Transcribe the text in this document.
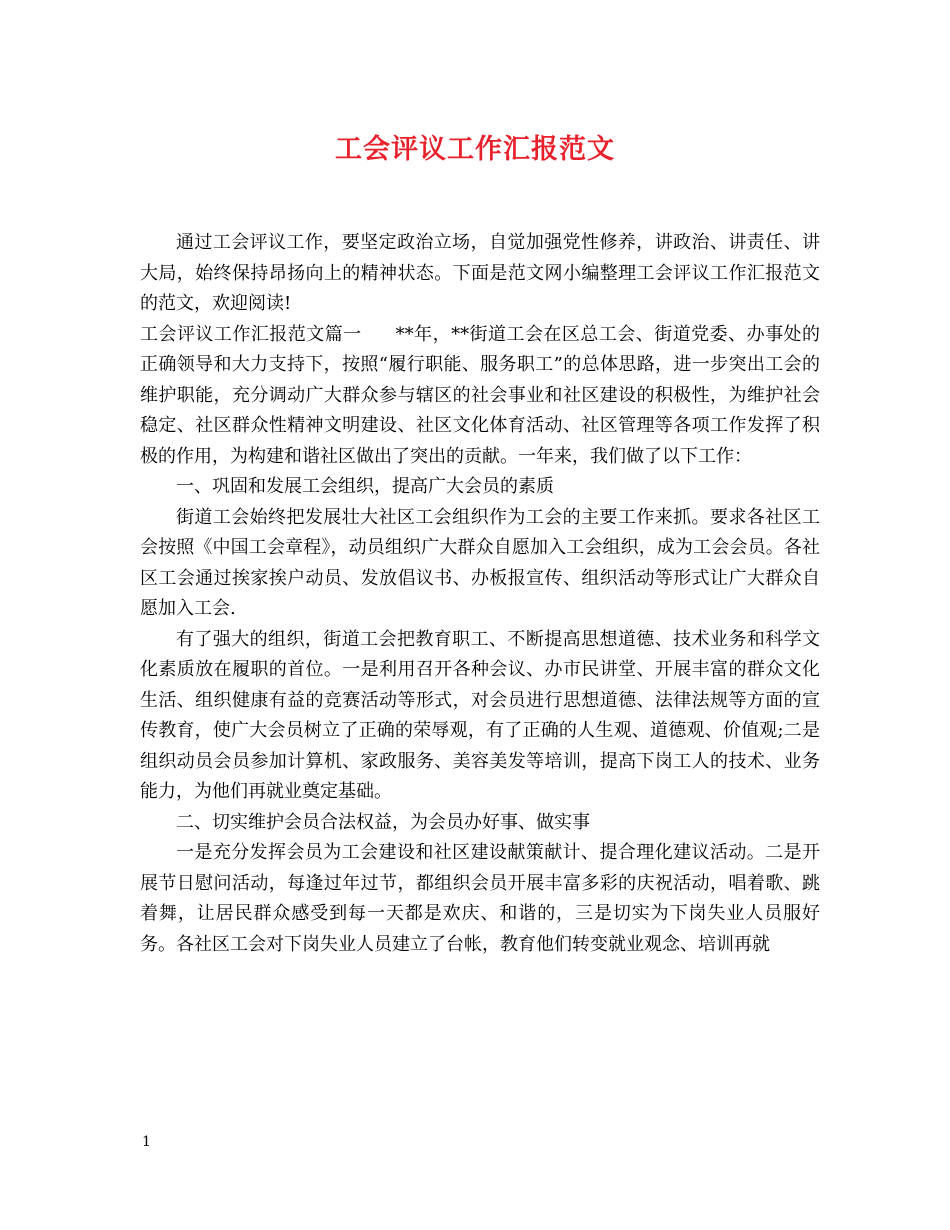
工会评议工作汇报范文

通过工会评议工作，要坚定政治立场，自觉加强党性修养，讲政治、讲责任、讲大局，始终保持昂扬向上的精神状态。下面是范文网小编整理工会评议工作汇报范文的范文，欢迎阅读!

工会评议工作汇报范文篇一 **年，**街道工会在区总工会、街道党委、办事处的正确领导和大力支持下，按照“履行职能、服务职工”的总体思路，进一步突出工会的维护职能，充分调动广大群众参与辖区的社会事业和社区建设的积极性，为维护社会稳定、社区群众性精神文明建设、社区文化体育活动、社区管理等各项工作发挥了积极的作用，为构建和谐社区做出了突出的贡献。一年来，我们做了以下工作：

一、巩固和发展工会组织，提高广大会员的素质

街道工会始终把发展壮大社区工会组织作为工会的主要工作来抓。要求各社区工会按照《中国工会章程》，动员组织广大群众自愿加入工会组织，成为工会会员。各社区工会通过挨家挨户动员、发放倡议书、办板报宣传、组织活动等形式让广大群众自愿加入工会.

有了强大的组织，街道工会把教育职工、不断提高思想道德、技术业务和科学文化素质放在履职的首位。一是利用召开各种会议、办市民讲堂、开展丰富的群众文化生活、组织健康有益的竞赛活动等形式，对会员进行思想道德、法律法规等方面的宣传教育，使广大会员树立了正确的荣辱观，有了正确的人生观、道德观、价值观;二是组织动员会员参加计算机、家政服务、美容美发等培训，提高下岗工人的技术、业务能力，为他们再就业奠定基础。

二、切实维护会员合法权益，为会员办好事、做实事

一是充分发挥会员为工会建设和社区建设献策献计、提合理化建议活动。二是开展节日慰问活动，每逢过年过节，都组织会员开展丰富多彩的庆祝活动，唱着歌、跳着舞，让居民群众感受到每一天都是欢庆、和谐的，三是切实为下岗失业人员服好务。各社区工会对下岗失业人员建立了台帐，教育他们转变就业观念、培训再就

1
